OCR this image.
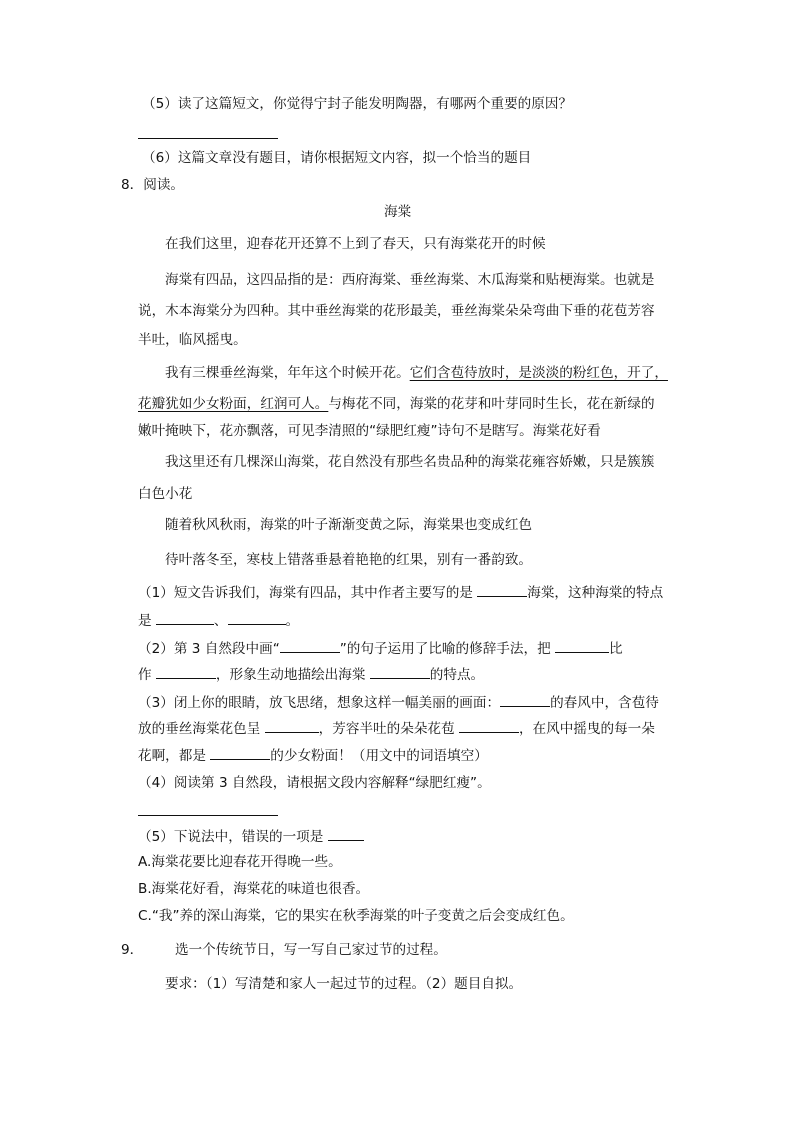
（5）读了这篇短文，你觉得宁封子能发明陶器，有哪两个重要的原因？
（6）这篇文章没有题目，请你根据短文内容，拟一个恰当的题目
8．阅读。
海棠
在我们这里，迎春花开还算不上到了春天，只有海棠花开的时候
海棠有四品，这四品指的是：西府海棠、垂丝海棠、木瓜海棠和贴梗海棠。也就是
说，木本海棠分为四种。其中垂丝海棠的花形最美，垂丝海棠朵朵弯曲下垂的花苞芳容
半吐，临风摇曳。
我有三棵垂丝海棠，年年这个时候开花。它们含苞待放时，是淡淡的粉红色，开了，
花瓣犹如少女粉面，红润可人。与梅花不同，海棠的花芽和叶芽同时生长，花在新绿的
嫩叶掩映下，花亦飘落，可见李清照的“绿肥红瘦”诗句不是瞎写。海棠花好看
我这里还有几棵深山海棠，花自然没有那些名贵品种的海棠花雍容娇嫩，只是簇簇
白色小花
随着秋风秋雨，海棠的叶子渐渐变黄之际，海棠果也变成红色
待叶落冬至，寒枝上错落垂悬着艳艳的红果，别有一番韵致。
（1）短文告诉我们，海棠有四品，其中作者主要写的是	海棠，这种海棠的特点
是	、	。
（2）第 3 自然段中画“	”的句子运用了比喻的修辞手法，把	比
作	，形象生动地描绘出海棠	的特点。
（3）闭上你的眼睛，放飞思绪，想象这样一幅美丽的画面：	的春风中，含苞待
放的垂丝海棠花色呈	，芳容半吐的朵朵花苞	，在风中摇曳的每一朵
花啊，都是	的少女粉面！（用文中的词语填空）
（4）阅读第 3 自然段，请根据文段内容解释“绿肥红瘦”。
（5）下说法中，错误的一项是
A.海棠花要比迎春花开得晚一些。
B.海棠花好看，海棠花的味道也很香。
C.“我”养的深山海棠，它的果实在秋季海棠的叶子变黄之后会变成红色。
9． 选一个传统节日，写一写自己家过节的过程。
要求：（1）写清楚和家人一起过节的过程。（2）题目自拟。
